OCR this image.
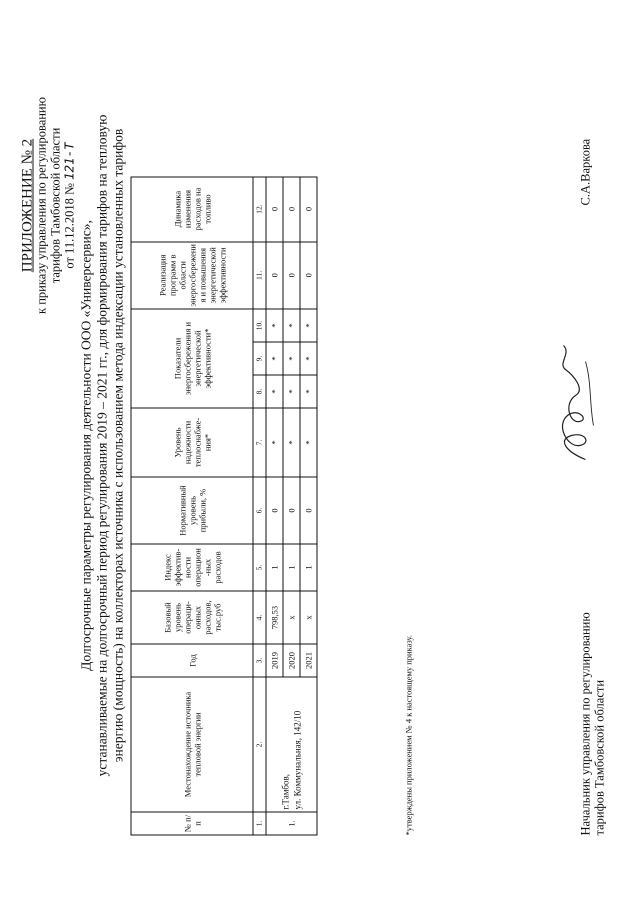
ПРИЛОЖЕНИЕ № 2 к приказу управления по регулированию тарифов Тамбовской области от 11.12.2018 № 121-Т
Долгосрочные параметры регулирования деятельности ООО «Универсервис», устанавливаемые на долгосрочный период регулирования 2019 – 2021 гг., для формирования тарифов на тепловую энергию (мощность) на коллекторах источника с использованием метода индексации установленных тарифов
№ п/п	Местонахождение источника тепловой энергии	Год	Базовый уровень операци-онных расходов, тыс.руб	Индекс эффектив-ности операцион -ных расходов	Нормативный уровень прибыли, %	Уровень надежности теплоснабже-ния*	Показатели энергосбережения и энергетической эффективности*			Реализация программ в области энергосбережени я и повышения энергетической эффективности	Динамика изменения расходов на топливо
1.	2.	3.	4.	5.	6.	7.	8.	9.	10.	11.	12.
1.	г.Тамбов, ул. Коммунальная, 142/10	2019	798,53	1	0	*	*	*	*	0	0
		2020	х	1	0	*	*	*	*	0	0
		2021	х	1	0	*	*	*	*	0	0
*утверждены приложением № 4 к настоящему приказу.	Начальник управления по регулированию тарифов Тамбовской области
С.А.Варкова
